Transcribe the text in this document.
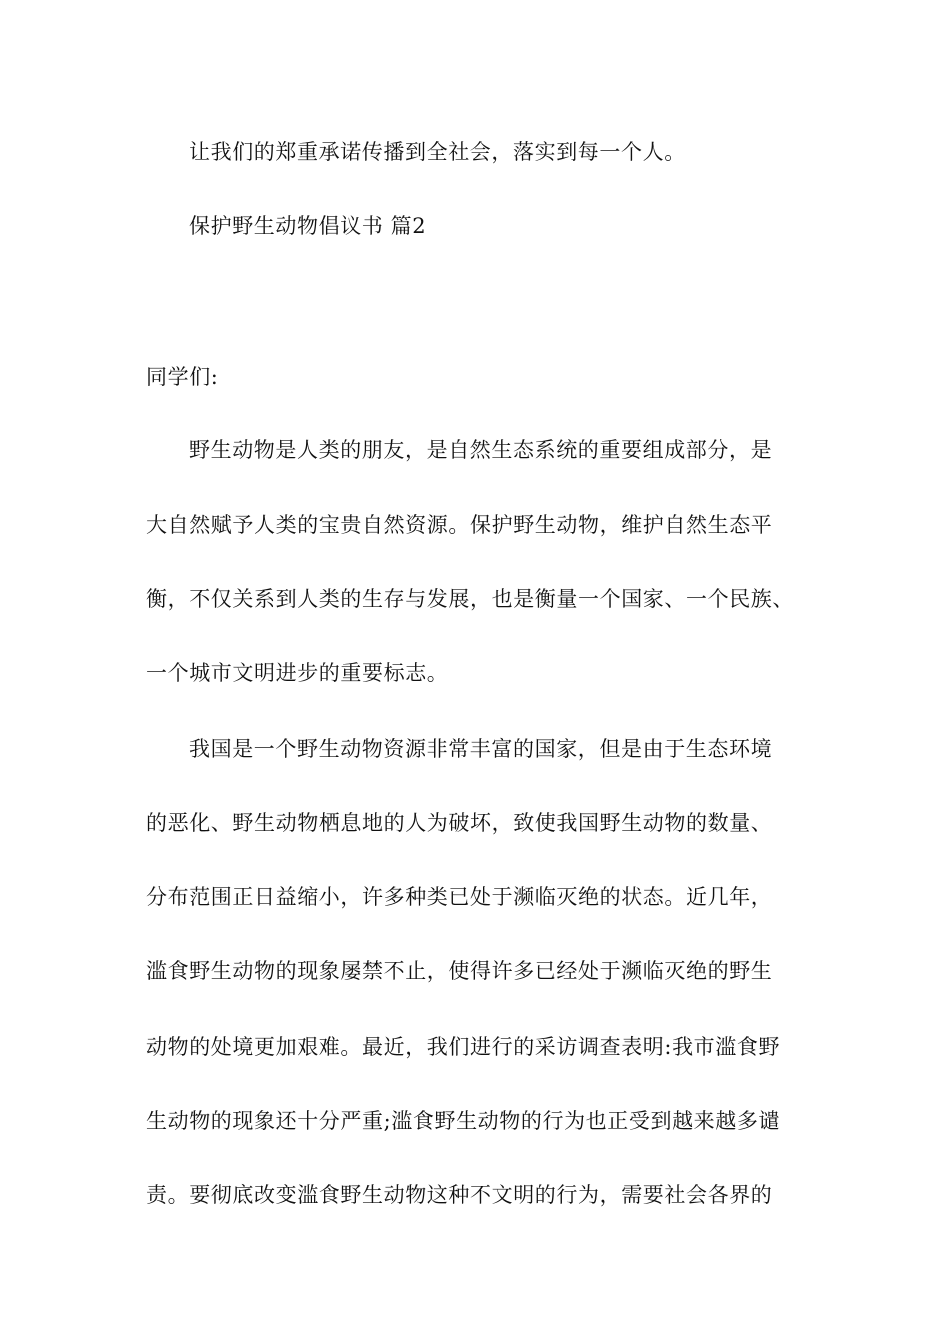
让我们的郑重承诺传播到全社会，落实到每一个人。
保护野生动物倡议书 篇2
同学们:
野生动物是人类的朋友，是自然生态系统的重要组成部分，是
大自然赋予人类的宝贵自然资源。保护野生动物，维护自然生态平
衡，不仅关系到人类的生存与发展，也是衡量一个国家、一个民族、
一个城市文明进步的重要标志。
我国是一个野生动物资源非常丰富的国家，但是由于生态环境
的恶化、野生动物栖息地的人为破坏，致使我国野生动物的数量、
分布范围正日益缩小，许多种类已处于濒临灭绝的状态。近几年，
滥食野生动物的现象屡禁不止，使得许多已经处于濒临灭绝的野生
动物的处境更加艰难。最近，我们进行的采访调查表明:我市滥食野
生动物的现象还十分严重;滥食野生动物的行为也正受到越来越多谴
责。要彻底改变滥食野生动物这种不文明的行为，需要社会各界的
